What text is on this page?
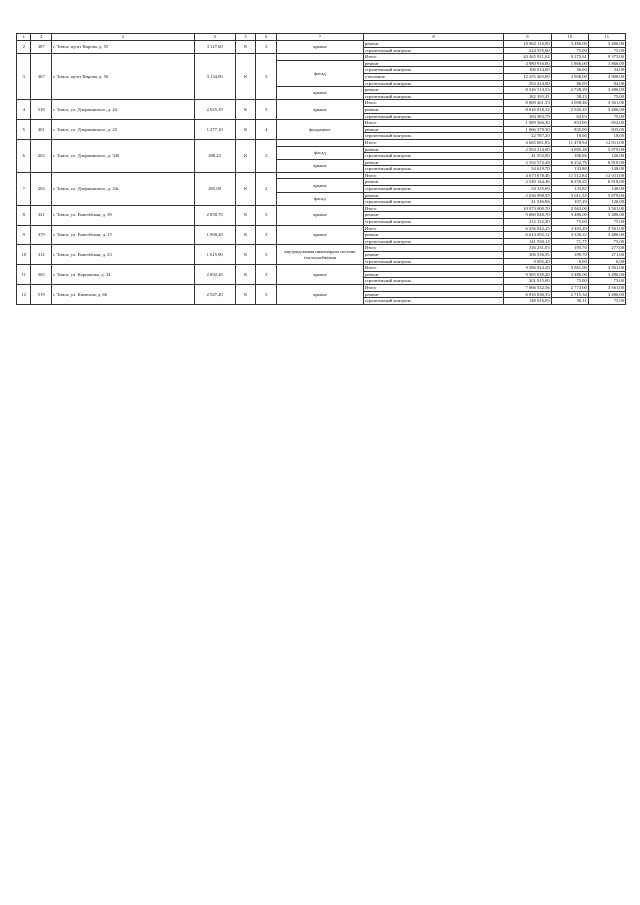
1	2	3	4	5	6	7	8	9	10	11
2	387	г. Томск, пр-кт Кирова, д. 55	3 127,60	К	5	крыша	ремонт	10 862 116,00	3 486,00	3 486,00
							строительный контроль	224 555,00	75,00	75,00
3	367	г. Томск, пр-кт Кирова, д. 56	3 134,00	К	5		Итого	20 265 921,04	8 375,61	9 373,00
						фасад	ремонт	4 980 916,00	1 866,00	1 866,00
							строительный контроль	106 024,00	36,00	34,00
							утепление	12 255 465,00	3 908,00	3 908,00
							строительный контроль	263 424,00	86,00	84,00
						крыша	ремонт	8 546 514,53	2 728,29	3 486,00
							строительный контроль	182 395,41	58,23	75,00
4	518	г. Томск, ул. Дзержинского, д. 24	2 925,19	К	5	крыша	Итого	8 800 401,33	3 008,46	3 561,00
							ремонт	8 616 018,32	2 945,45	3 486,00
							строительный контроль	184 383,79	63,03	75,00
5	401	г. Томск, ул. Дзержинского, д. 25	1 277,10	К	4	фундамент	Итого	1 089 366,30	853,00	852,00
							ремонт	1 066 578,50	835,00	835,00
							строительный контроль	22 787,20	18,00	18,00
6	203	г. Томск, ул. Дзержинского, д. 34б	408,23	К	2		Итого	4 665 681,03	11 478,94	12 011,00
						фасад	ремонт	2 054 314,00	4 985,28	5 879,00
							строительный контроль	41 552,00	106,66	126,00
						крыша	ремонт	2 552 572,48	6 252,76	6 918,00
							строительный контроль	54 619,70	133,80	148,00
7	204	г. Томск, ул. Дзержинского, д. 34г	405,00	К	2		Итого	4 673 678,46	11 512,84	12 011,00
						крыша	ремонт	2 540 144,46	6 259,25	6 918,00
							строительный контроль	54 335,69	133,82	148,00
						фасад	ремонт	2 036 998,35	5 011,55	5 879,00
							строительный контроль	41 546,06	107,29	126,00
8	321	г. Томск, ул. Енисейская, д. 39	2 858,70	К	5	крыша	Итого	10 073 000,70	2 563,00	3 561,00
							ремонт	9 860 848,70	3 486,00	3 486,00
							строительный контроль	212 152,50	75,00	75,00
9	479	г. Томск, ул. Енисейская, д. 15	1 968,20	К	5	крыша	Итого	6 256 042,25	3 403,49	3 561,00
							ремонт	6 614 492,12	3 330,22	3 486,00
							строительный контроль	141 550,13	71,77	75,00
10	312	г. Томск, ул. Енисейская, д. 23	1 615,90	К	5	внутридомовая инженерная система теплоснабжения	Итого	316 231,03	195,70	277,00
							ремонт	306 536,35	189,70	271,00
							строительный контроль	9 695,40	6,00	6,00
11	365	г. Томск, ул. Карташова, д. 34	2 692,20	К	5	крыша	Итого	9 586 924,20	3 561,00	3 561,00
							ремонт	9 385 039,20	3 486,00	3 486,00
							строительный контроль	201 915,00	75,00	75,00
12	519	г. Томск, ул. Киевская, д. 66	2 547,20	К	5	крыша	Итого	7 066 532,56	2 773,00	3 561,00
							ремонт	6 916 636,33	2 715,34	3 486,00
							строительный контроль	148 016,03	58,11	75,00
